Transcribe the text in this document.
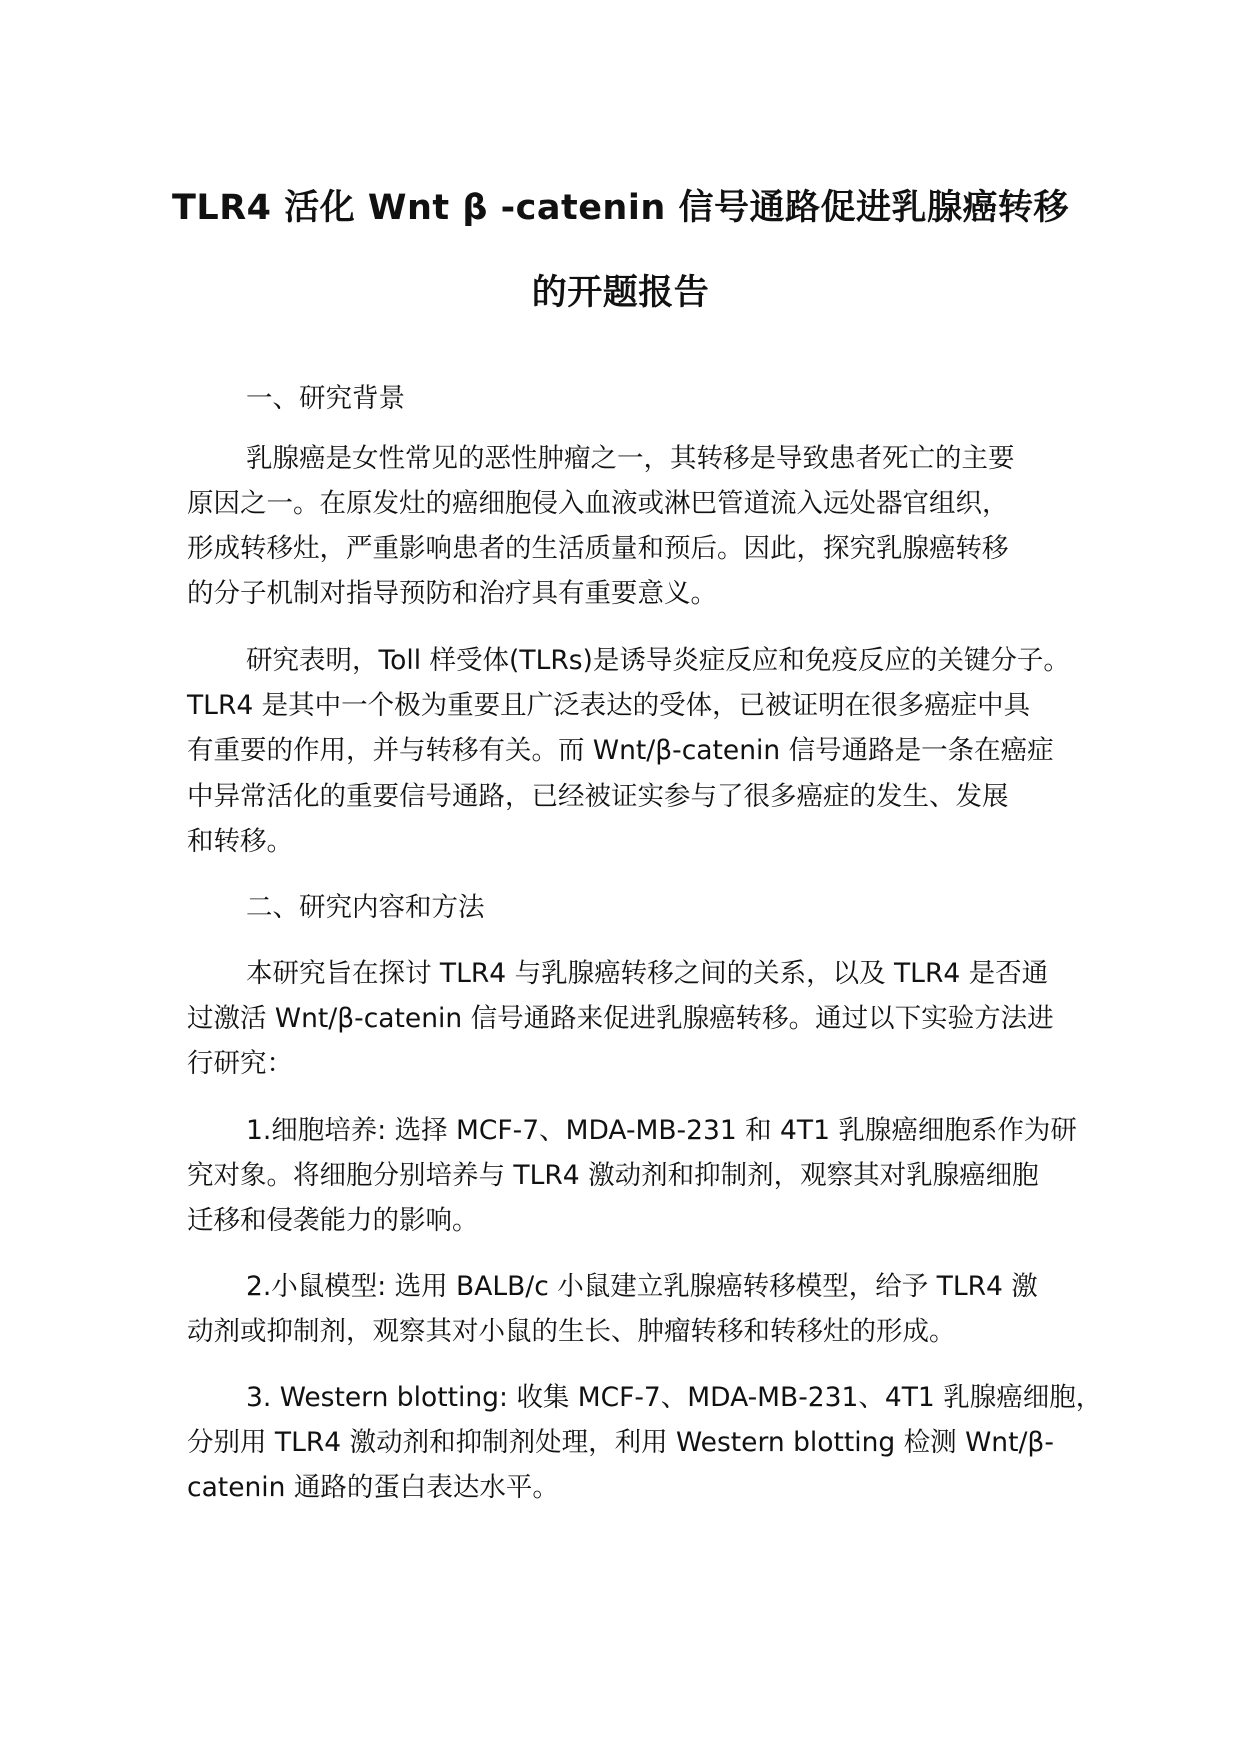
TLR4 活化 Wnt β -catenin 信号通路促进乳腺癌转移
的开题报告
一、研究背景
乳腺癌是女性常见的恶性肿瘤之一，其转移是导致患者死亡的主要
原因之一。在原发灶的癌细胞侵入血液或淋巴管道流入远处器官组织，
形成转移灶，严重影响患者的生活质量和预后。因此，探究乳腺癌转移
的分子机制对指导预防和治疗具有重要意义。
研究表明，Toll 样受体(TLRs)是诱导炎症反应和免疫反应的关键分子。
TLR4 是其中一个极为重要且广泛表达的受体，已被证明在很多癌症中具
有重要的作用，并与转移有关。而 Wnt/β-catenin 信号通路是一条在癌症
中异常活化的重要信号通路，已经被证实参与了很多癌症的发生、发展
和转移。
二、研究内容和方法
本研究旨在探讨 TLR4 与乳腺癌转移之间的关系，以及 TLR4 是否通
过激活 Wnt/β-catenin 信号通路来促进乳腺癌转移。通过以下实验方法进
行研究：
1.细胞培养: 选择 MCF-7、MDA-MB-231 和 4T1 乳腺癌细胞系作为研
究对象。将细胞分别培养与 TLR4 激动剂和抑制剂，观察其对乳腺癌细胞
迁移和侵袭能力的影响。
2.小鼠模型: 选用 BALB/c 小鼠建立乳腺癌转移模型，给予 TLR4 激
动剂或抑制剂，观察其对小鼠的生长、肿瘤转移和转移灶的形成。
3. Western blotting: 收集 MCF-7、MDA-MB-231、4T1 乳腺癌细胞，
分别用 TLR4 激动剂和抑制剂处理，利用 Western blotting 检测 Wnt/β-
catenin 通路的蛋白表达水平。
